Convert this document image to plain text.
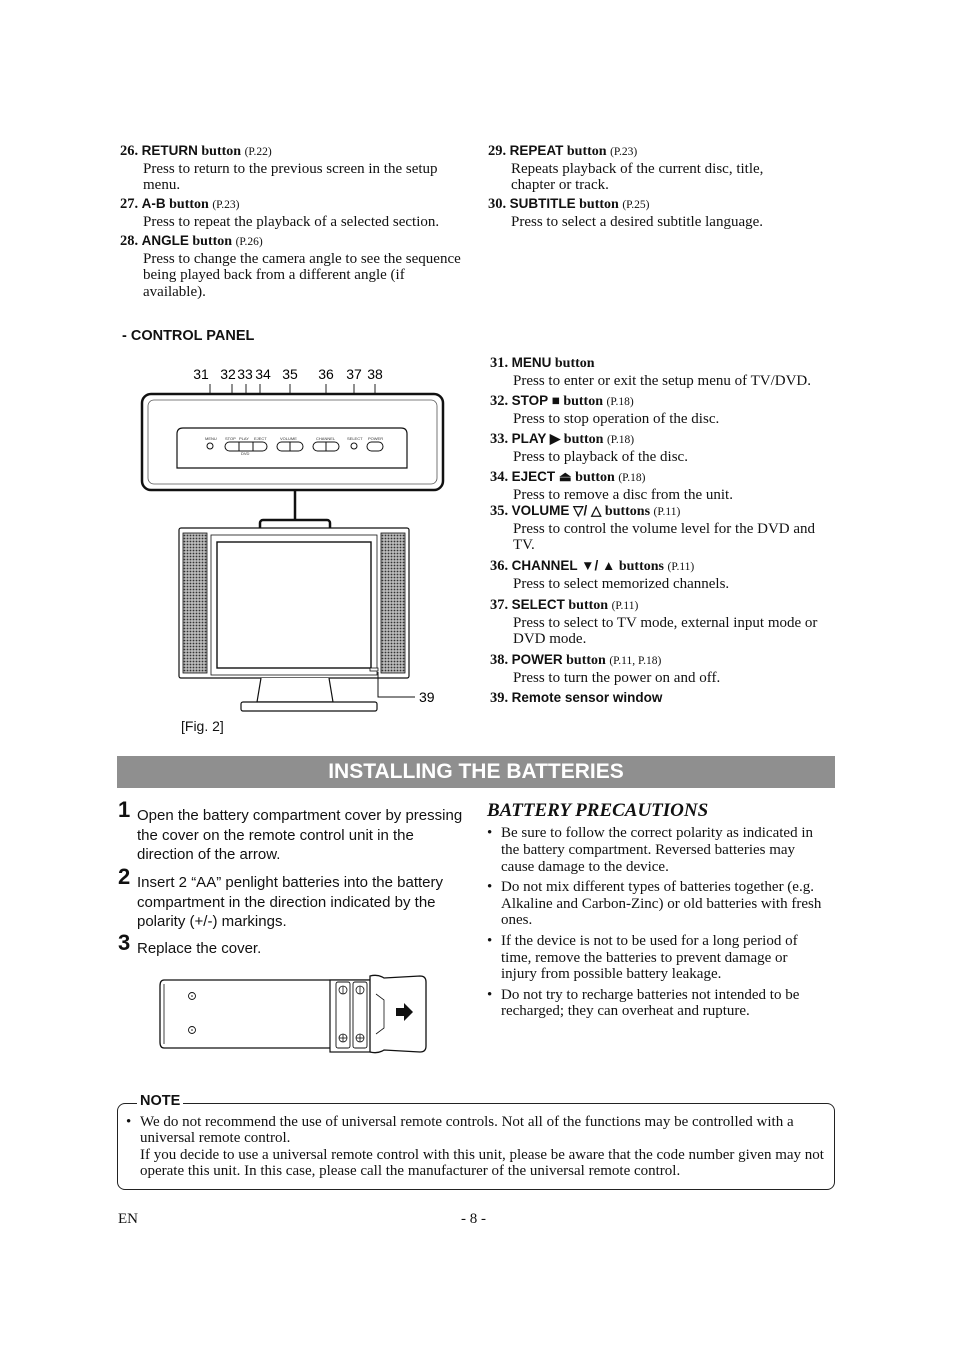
26. RETURN button (P.22)
Press to return to the previous screen in the setup menu.
27. A-B button (P.23)
Press to repeat the playback of a selected section.
28. ANGLE button (P.26)
Press to change the camera angle to see the sequence being played back from a different angle (if available).
29. REPEAT button (P.23)
Repeats playback of the current disc, title, chapter or track.
30. SUBTITLE button (P.25)
Press to select a desired subtitle language.
- CONTROL PANEL
31 32 33 34 35 36 37 38
MENU STOP PLAY EJECT	VOLUME	CHANNEL	SELECT POWER
DVD
39
[Fig. 2]
31. MENU button
Press to enter or exit the setup menu of TV/DVD.
32. STOP ■ button (P.18)
Press to stop operation of the disc.
33. PLAY ▶ button (P.18)
Press to playback of the disc.
34. EJECT ⏏ button (P.18)
Press to remove a disc from the unit.
35. VOLUME ▽/ △ buttons (P.11)
Press to control the volume level for the DVD and TV.
36. CHANNEL ▼/ ▲ buttons (P.11)
Press to select memorized channels.
37. SELECT button (P.11)
Press to select to TV mode, external input mode or DVD mode.
38. POWER button (P.11, P.18)
Press to turn the power on and off.
39. Remote sensor window
INSTALLING THE BATTERIES
1 Open the battery compartment cover by pressing the cover on the remote control unit in the direction of the arrow.
2 Insert 2 “AA” penlight batteries into the battery compartment in the direction indicated by the polarity (+/-) markings.
3 Replace the cover.
BATTERY PRECAUTIONS
• Be sure to follow the correct polarity as indicated in the battery compartment. Reversed batteries may cause damage to the device.
• Do not mix different types of batteries together (e.g. Alkaline and Carbon-Zinc) or old batteries with fresh ones.
• If the device is not to be used for a long period of time, remove the batteries to prevent damage or injury from possible battery leakage.
• Do not try to recharge batteries not intended to be recharged; they can overheat and rupture.
NOTE
• We do not recommend the use of universal remote controls. Not all of the functions may be controlled with a universal remote control.
If you decide to use a universal remote control with this unit, please be aware that the code number given may not operate this unit. In this case, please call the manufacturer of the universal remote control.
EN	- 8 -
